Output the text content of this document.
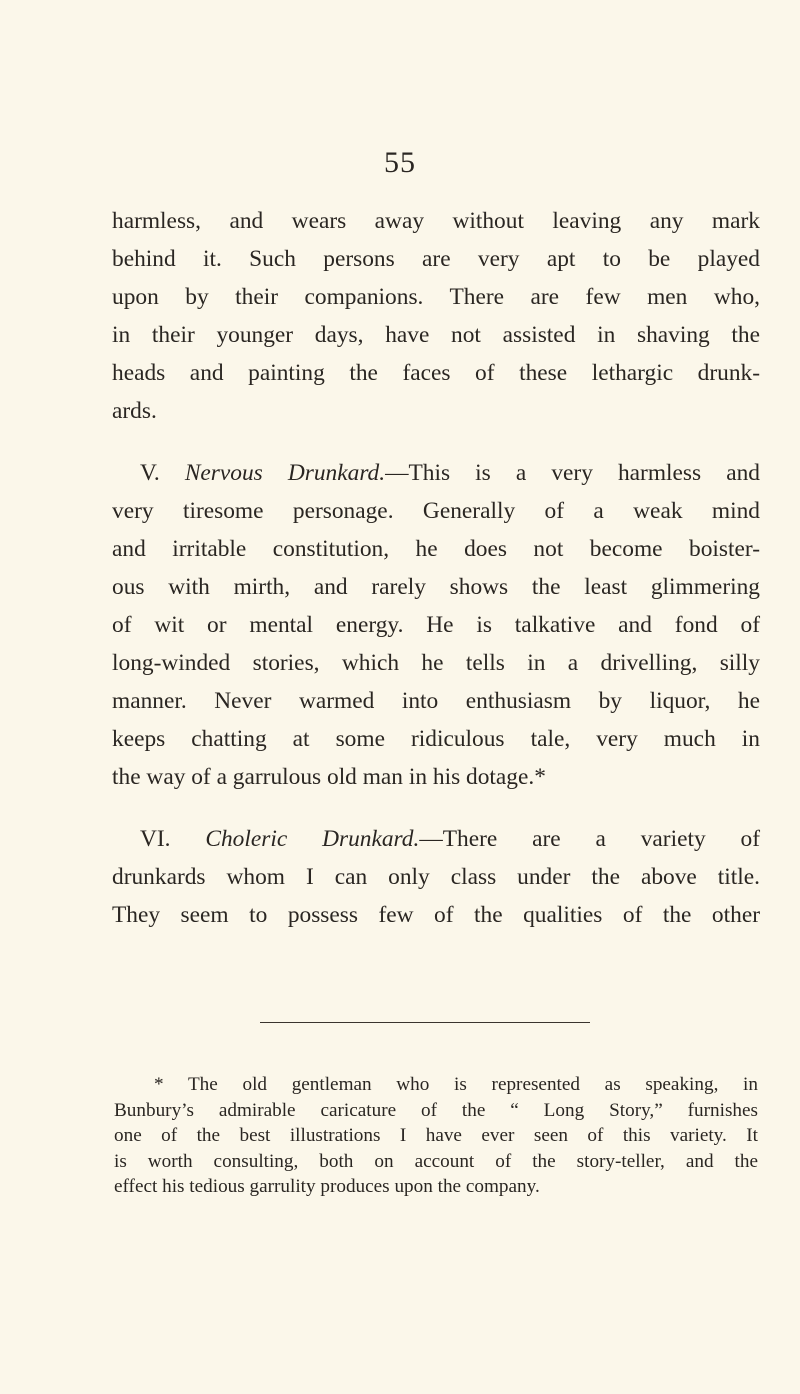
55
harmless, and wears away without leaving any mark
behind it. Such persons are very apt to be played
upon by their companions. There are few men who,
in their younger days, have not assisted in shaving the
heads and painting the faces of these lethargic drunk-
ards.
V. Nervous Drunkard.—This is a very harmless and
very tiresome personage. Generally of a weak mind
and irritable constitution, he does not become boister-
ous with mirth, and rarely shows the least glimmering
of wit or mental energy. He is talkative and fond of
long-winded stories, which he tells in a drivelling, silly
manner. Never warmed into enthusiasm by liquor, he
keeps chatting at some ridiculous tale, very much in
the way of a garrulous old man in his dotage.*
VI. Choleric Drunkard.—There are a variety of
drunkards whom I can only class under the above title.
They seem to possess few of the qualities of the other
* The old gentleman who is represented as speaking, in
Bunbury’s admirable caricature of the “ Long Story,” furnishes
one of the best illustrations I have ever seen of this variety. It
is worth consulting, both on account of the story-teller, and the
effect his tedious garrulity produces upon the company.
